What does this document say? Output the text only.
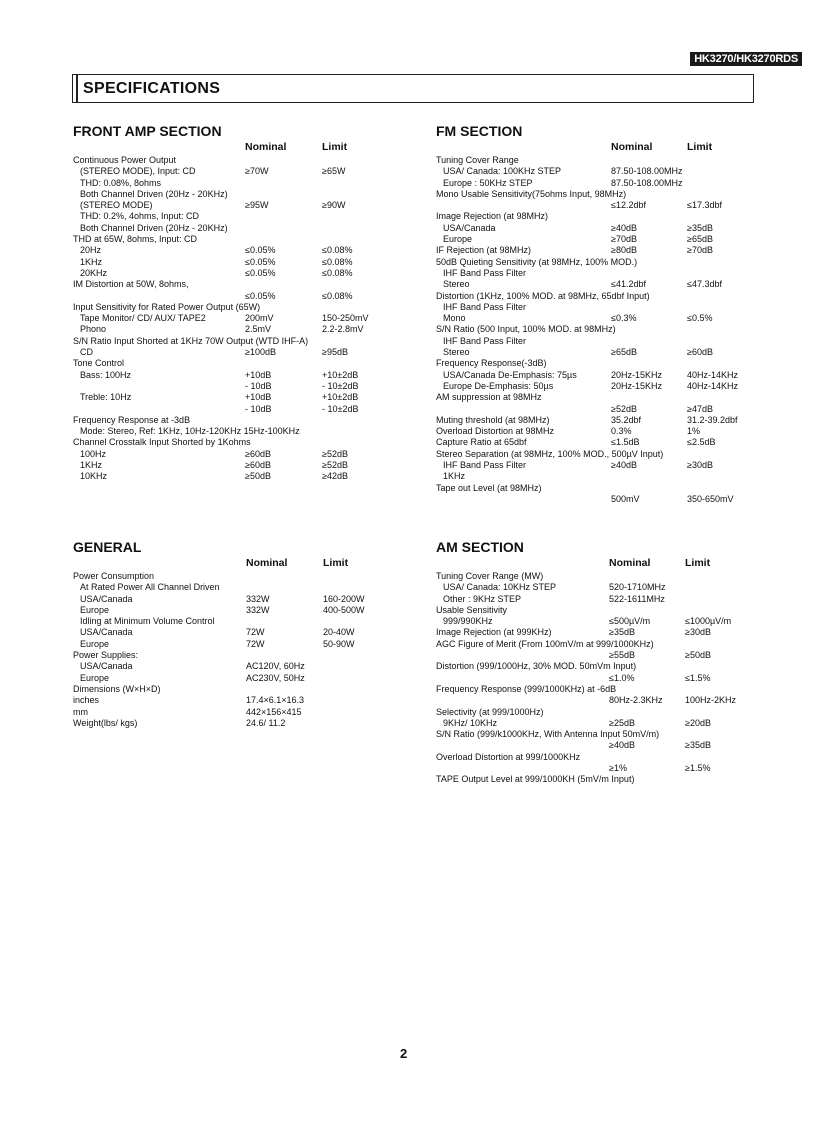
HK3270/HK3270RDS
SPECIFICATIONS
FRONT AMP SECTION
Nominal	Limit
Continuous Power Output
(STEREO MODE), Input: CD	≥70W	≥65W
THD: 0.08%, 8ohms
Both Channel Driven (20Hz - 20KHz)
(STEREO MODE)	≥95W	≥90W
THD: 0.2%, 4ohms, Input: CD
Both Channel Driven (20Hz - 20KHz)
THD at 65W, 8ohms, Input: CD
20Hz	≤0.05%	≤0.08%
1KHz	≤0.05%	≤0.08%
20KHz	≤0.05%	≤0.08%
IM Distortion at 50W, 8ohms,
≤0.05%	≤0.08%
Input Sensitivity for Rated Power Output (65W)
Tape Monitor/ CD/ AUX/ TAPE2	200mV	150-250mV
Phono	2.5mV	2.2-2.8mV
S/N Ratio Input Shorted at 1KHz 70W Output (WTD IHF-A)
CD	≥100dB	≥95dB
Tone Control
Bass: 100Hz	+10dB	+10±2dB
- 10dB	- 10±2dB
Treble: 10Hz	+10dB	+10±2dB
- 10dB	- 10±2dB
Frequency Response at -3dB
Mode: Stereo, Ref: 1KHz, 10Hz-120KHz 15Hz-100KHz
Channel Crosstalk Input Shorted by 1Kohms
100Hz	≥60dB	≥52dB
1KHz	≥60dB	≥52dB
10KHz	≥50dB	≥42dB
FM SECTION
Nominal	Limit
Tuning Cover Range
USA/ Canada: 100KHz STEP	87.50-108.00MHz
Europe : 50KHz STEP	87.50-108.00MHz
Mono Usable Sensitivity(75ohms Input, 98MHz)
≤12.2dbf	≤17.3dbf
Image Rejection (at 98MHz)
USA/Canada	≥40dB	≥35dB
Europe	≥70dB	≥65dB
IF Rejection (at 98MHz)	≥80dB	≥70dB
50dB Quieting Sensitivity (at 98MHz, 100% MOD.)
IHF Band Pass Filter
Stereo	≤41.2dbf	≤47.3dbf
Distortion (1KHz, 100% MOD. at 98MHz, 65dbf Input)
IHF Band Pass Filter
Mono	≤0.3%	≤0.5%
S/N Ratio (500 Input, 100% MOD. at 98MHz)
IHF Band Pass Filter
Stereo	≥65dB	≥60dB
Frequency Response(-3dB)
USA/Canada De-Emphasis: 75µs	20Hz-15KHz	40Hz-14KHz
Europe De-Emphasis: 50µs	20Hz-15KHz	40Hz-14KHz
AM suppression at 98MHz
≥52dB	≥47dB
Muting threshold (at 98MHz)	35.2dbf	31.2-39.2dbf
Overload Distortion at 98MHz	0.3%	1%
Capture Ratio at 65dbf	≤1.5dB	≤2.5dB
Stereo Separation (at 98MHz, 100% MOD., 500µV Input)
IHF Band Pass Filter	≥40dB	≥30dB
1KHz
Tape out Level (at 98MHz)
500mV	350-650mV
GENERAL
Nominal	Limit
Power Consumption
At Rated Power All Channel Driven
USA/Canada	332W	160-200W
Europe	332W	400-500W
Idling at Minimum Volume Control
USA/Canada	72W	20-40W
Europe	72W	50-90W
Power Supplies:
USA/Canada	AC120V, 60Hz
Europe	AC230V, 50Hz
Dimensions (W×H×D)
inches	17.4×6.1×16.3
mm	442×156×415
Weight(lbs/ kgs)	24.6/ 11.2
AM SECTION
Nominal	Limit
Tuning Cover Range (MW)
USA/ Canada: 10KHz STEP	520-1710MHz
Other : 9KHz STEP	522-1611MHz
Usable Sensitivity
999/990KHz	≤500µV/m	≤1000µV/m
Image Rejection (at 999KHz)	≥35dB	≥30dB
AGC Figure of Merit (From 100mV/m at 999/1000KHz)
≥55dB	≥50dB
Distortion (999/1000Hz, 30% MOD. 50mVm Input)
≤1.0%	≤1.5%
Frequency Response (999/1000KHz) at -6dB
80Hz-2.3KHz 100Hz-2KHz
Selectivity (at 999/1000Hz)
9KHz/ 10KHz	≥25dB	≥20dB
S/N Ratio (999/k1000KHz, With Antenna Input 50mV/m)
≥40dB	≥35dB
Overload Distortion at 999/1000KHz
≥1%	≥1.5%
TAPE Output Level at 999/1000KH (5mV/m Input)
2
